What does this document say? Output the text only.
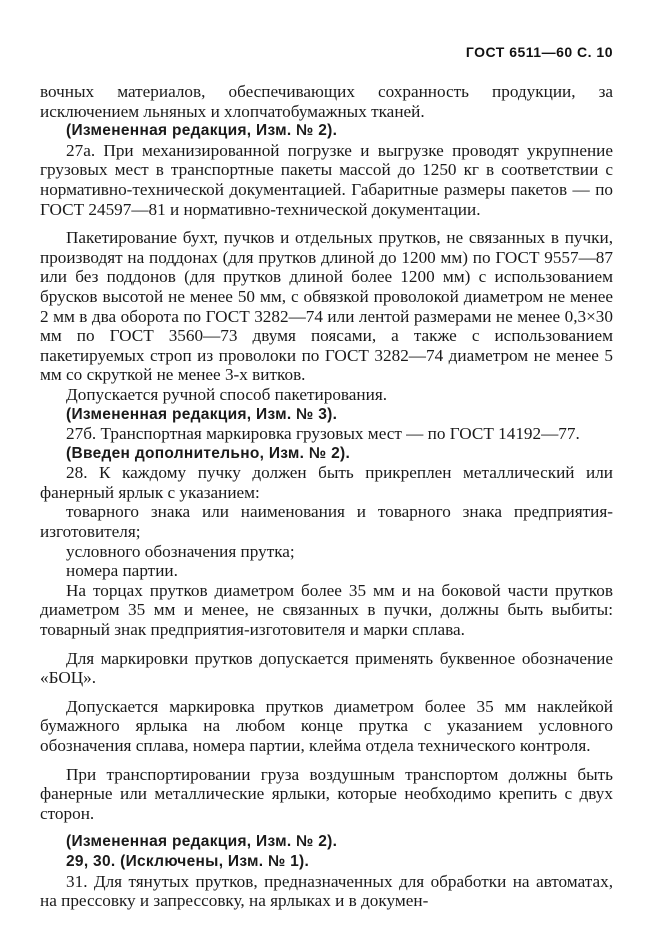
ГОСТ 6511—60 С. 10

вочных материалов, обеспечивающих сохранность продукции, за исключением льняных и хлопчатобумажных тканей.

(Измененная редакция, Изм. № 2).

27а. При механизированной погрузке и выгрузке проводят укрупнение грузовых мест в транспортные пакеты массой до 1250 кг в соответствии с нормативно-технической документацией. Габаритные размеры пакетов — по ГОСТ 24597—81 и нормативно-технической документации.

Пакетирование бухт, пучков и отдельных прутков, не связанных в пучки, производят на поддонах (для прутков длиной до 1200 мм) по ГОСТ 9557—87 или без поддонов (для прутков длиной более 1200 мм) с использованием брусков высотой не менее 50 мм, с обвязкой проволокой диаметром не менее 2 мм в два оборота по ГОСТ 3282—74 или лентой размерами не менее 0,3×30 мм по ГОСТ 3560—73 двумя поясами, а также с использованием пакетируемых строп из проволоки по ГОСТ 3282—74 диаметром не менее 5 мм со скруткой не менее 3-х витков.

Допускается ручной способ пакетирования.

(Измененная редакция, Изм. № 3).

27б. Транспортная маркировка грузовых мест — по ГОСТ 14192—77.

(Введен дополнительно, Изм. № 2).

28. К каждому пучку должен быть прикреплен металлический или фанерный ярлык с указанием:

товарного знака или наименования и товарного знака предприятия-изготовителя;

условного обозначения прутка;

номера партии.

На торцах прутков диаметром более 35 мм и на боковой части прутков диаметром 35 мм и менее, не связанных в пучки, должны быть выбиты: товарный знак предприятия-изготовителя и марки сплава.

Для маркировки прутков допускается применять буквенное обозначение «БОЦ».

Допускается маркировка прутков диаметром более 35 мм наклейкой бумажного ярлыка на любом конце прутка с указанием условного обозначения сплава, номера партии, клейма отдела технического контроля.

При транспортировании груза воздушным транспортом должны быть фанерные или металлические ярлыки, которые необходимо крепить с двух сторон.

(Измененная редакция, Изм. № 2).

29, 30. (Исключены, Изм. № 1).

31. Для тянутых прутков, предназначенных для обработки на автоматах, на прессовку и запрессовку, на ярлыках и в докумен-
